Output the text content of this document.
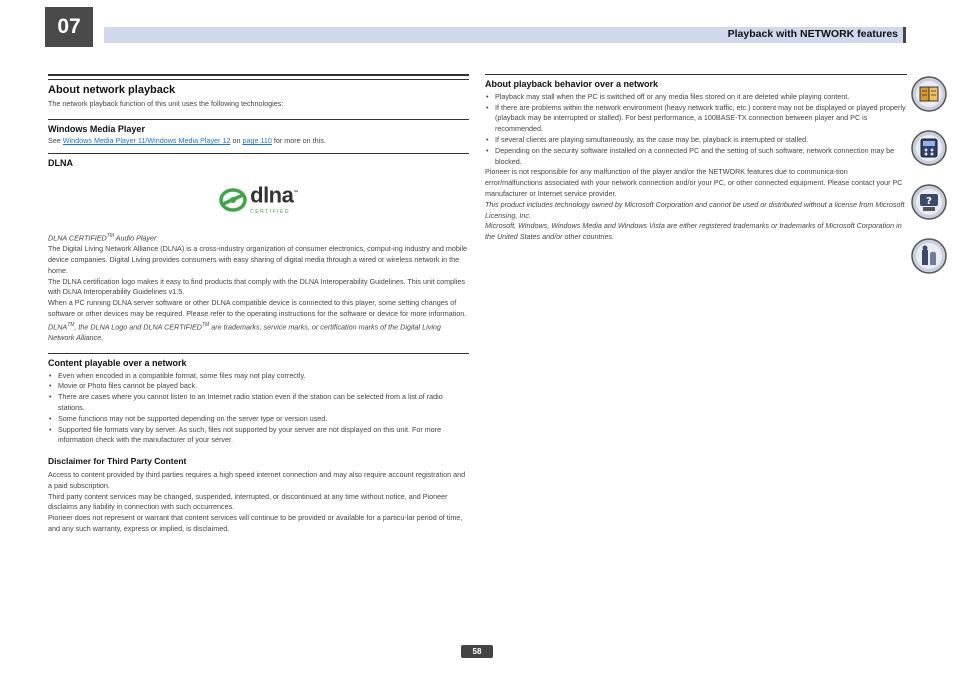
07	Playback with NETWORK features
About network playback

The network playback function of this unit uses the following technologies:

Windows Media Player

See Windows Media Player 11/Windows Media Player 12 on page 110 for more on this.

DLNA
dlna™
CERTIFIED

DLNA CERTIFIED™ Audio Player

The Digital Living Network Alliance (DLNA) is a cross-industry organization of consumer electronics, comput-ing industry and mobile device companies. Digital Living provides consumers with easy sharing of digital media through a wired or wireless network in the home.

The DLNA certification logo makes it easy to find products that comply with the DLNA Interoperability Guidelines. This unit complies with DLNA Interoperability Guidelines v1.5.

When a PC running DLNA server software or other DLNA compatible device is connected to this player, some setting changes of software or other devices may be required. Please refer to the operating instructions for the software or device for more information.

DLNA™, the DLNA Logo and DLNA CERTIFIED™ are trademarks, service marks, or certification marks of the Digital Living Network Alliance.

Content playable over a network
• Even when encoded in a compatible format, some files may not play correctly.
• Movie or Photo files cannot be played back.
• There are cases where you cannot listen to an Internet radio station even if the station can be selected from a list of radio stations.
• Some functions may not be supported depending on the server type or version used.
• Supported file formats vary by server. As such, files not supported by your server are not displayed on this unit. For more information check with the manufacturer of your server.
Disclaimer for Third Party Content

Access to content provided by third parties requires a high speed internet connection and may also require account registration and a paid subscription.

Third party content services may be changed, suspended, interrupted, or discontinued at any time without notice, and Pioneer disclaims any liability in connection with such occurrences.

Pioneer does not represent or warrant that content services will continue to be provided or available for a particu-lar period of time, and any such warranty, express or implied, is disclaimed.

About playback behavior over a network
• Playback may stall when the PC is switched off or any media files stored on it are deleted while playing content.
• If there are problems within the network environment (heavy network traffic, etc.) content may not be displayed or played properly (playback may be interrupted or stalled). For best performance, a 100BASE-TX connection between player and PC is recommended.
• If several clients are playing simultaneously, as the case may be, playback is interrupted or stalled.
• Depending on the security software installed on a connected PC and the setting of such software, network connection may be blocked.

Pioneer is not responsible for any malfunction of the player and/or the NETWORK features due to communica-tion error/malfunctions associated with your network connection and/or your PC, or other connected equipment. Please contact your PC manufacturer or Internet service provider.

This product includes technology owned by Microsoft Corporation and cannot be used or distributed without a license from Microsoft Licensing, Inc.

Microsoft, Windows, Windows Media and Windows Vista are either registered trademarks or trademarks of Microsoft Corporation in the United States and/or other countries.

?
58
